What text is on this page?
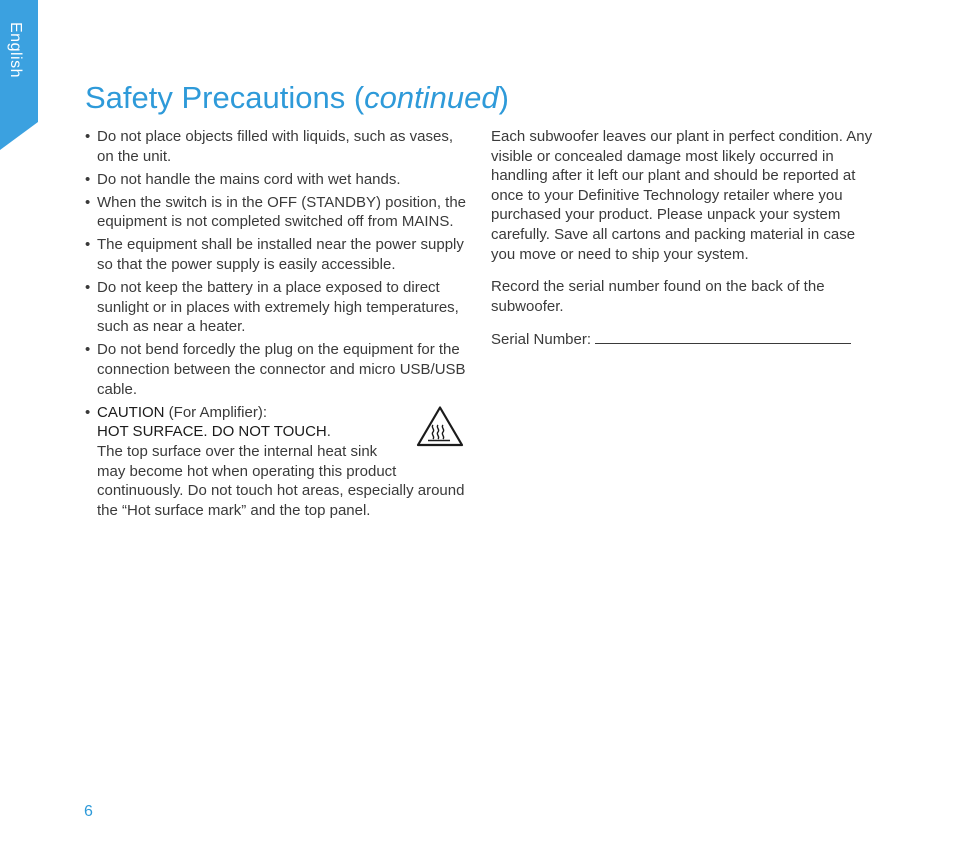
English
Safety Precautions (continued)
• Do not place objects filled with liquids, such as vases, on the unit.
• Do not handle the mains cord with wet hands.
• When the switch is in the OFF (STANDBY) position, the equipment is not completed switched off from MAINS.
• The equipment shall be installed near the power supply so that the power supply is easily accessible.
• Do not keep the battery in a place exposed to direct sunlight or in places with extremely high temperatures, such as near a heater.
• Do not bend forcedly the plug on the equipment for the connection between the connector and micro USB/USB cable.
• CAUTION (For Amplifier):
HOT SURFACE. DO NOT TOUCH.
The top surface over the internal heat sink
may become hot when operating this product continuously. Do not touch hot areas, especially around the “Hot surface mark” and the top panel.

Each subwoofer leaves our plant in perfect condition. Any visible or concealed damage most likely occurred in handling after it left our plant and should be reported at once to your Definitive Technology retailer where you purchased your product. Please unpack your system carefully. Save all cartons and packing material in case you move or need to ship your system.

Record the serial number found on the back of the subwoofer.

Serial Number:

6
